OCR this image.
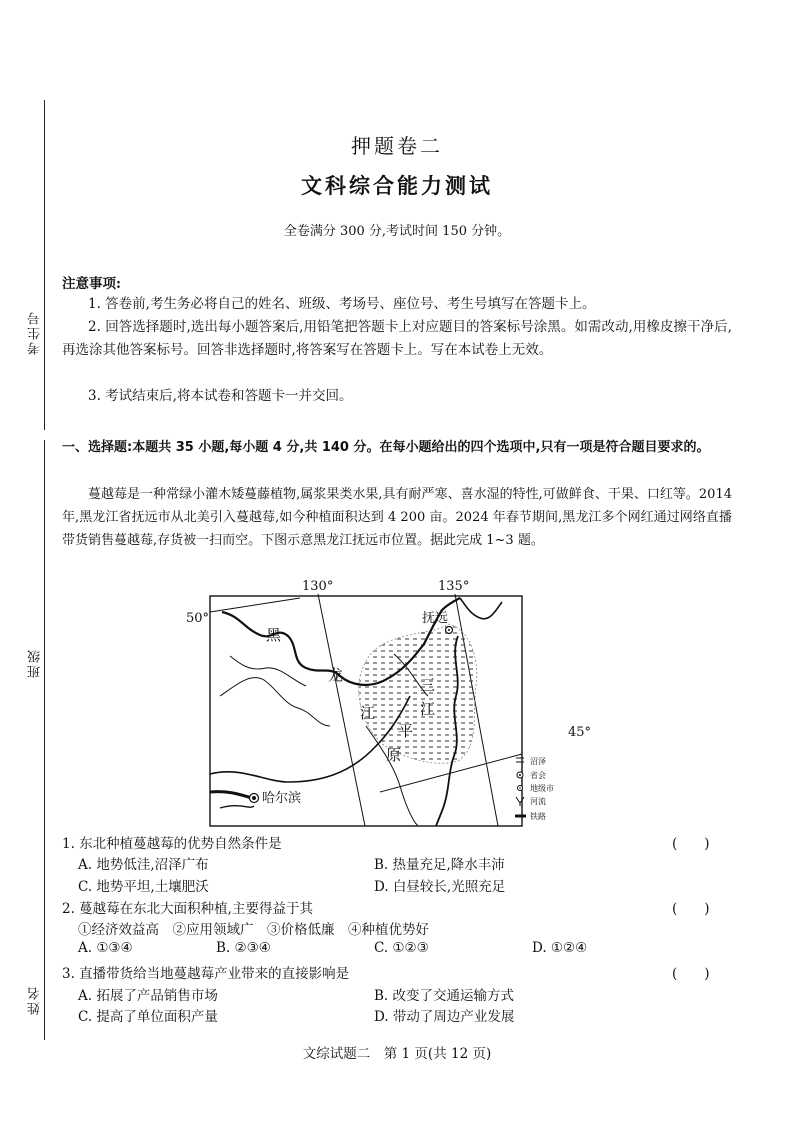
考生号
班级
姓名
押题卷二
文科综合能力测试
全卷满分 300 分,考试时间 150 分钟。
注意事项:
1. 答卷前,考生务必将自己的姓名、班级、考场号、座位号、考生号填写在答题卡上。
2. 回答选择题时,选出每小题答案后,用铅笔把答题卡上对应题目的答案标号涂黑。如需改动,用橡皮擦干净后,再选涂其他答案标号。回答非选择题时,将答案写在答题卡上。写在本试卷上无效。
3. 考试结束后,将本试卷和答题卡一并交回。
一、选择题:本题共 35 小题,每小题 4 分,共 140 分。在每小题给出的四个选项中,只有一项是符合题目要求的。
蔓越莓是一种常绿小灌木矮蔓藤植物,属浆果类水果,具有耐严寒、喜水湿的特性,可做鲜食、干果、口红等。2014 年,黑龙江省抚远市从北美引入蔓越莓,如今种植面积达到 4 200 亩。2024 年春节期间,黑龙江多个网红通过网络直播带货销售蔓越莓,存货被一扫而空。下图示意黑龙江抚远市位置。据此完成 1~3 题。
130°	135°
50°
45°
抚远
哈尔滨
黑
龙
江
三
江
平
原	沼泽
省会
地级市
河流
铁路
1. 东北种植蔓越莓的优势自然条件是	(　　)
A. 地势低洼,沼泽广布	B. 热量充足,降水丰沛
C. 地势平坦,土壤肥沃	D. 白昼较长,光照充足
2. 蔓越莓在东北大面积种植,主要得益于其	(　　)
①经济效益高　②应用领域广　③价格低廉　④种植优势好
A. ①③④	B. ②③④	C. ①②③	D. ①②④
3. 直播带货给当地蔓越莓产业带来的直接影响是	(　　)
A. 拓展了产品销售市场	B. 改变了交通运输方式
C. 提高了单位面积产量	D. 带动了周边产业发展
文综试题二　第 1 页(共 12 页)
